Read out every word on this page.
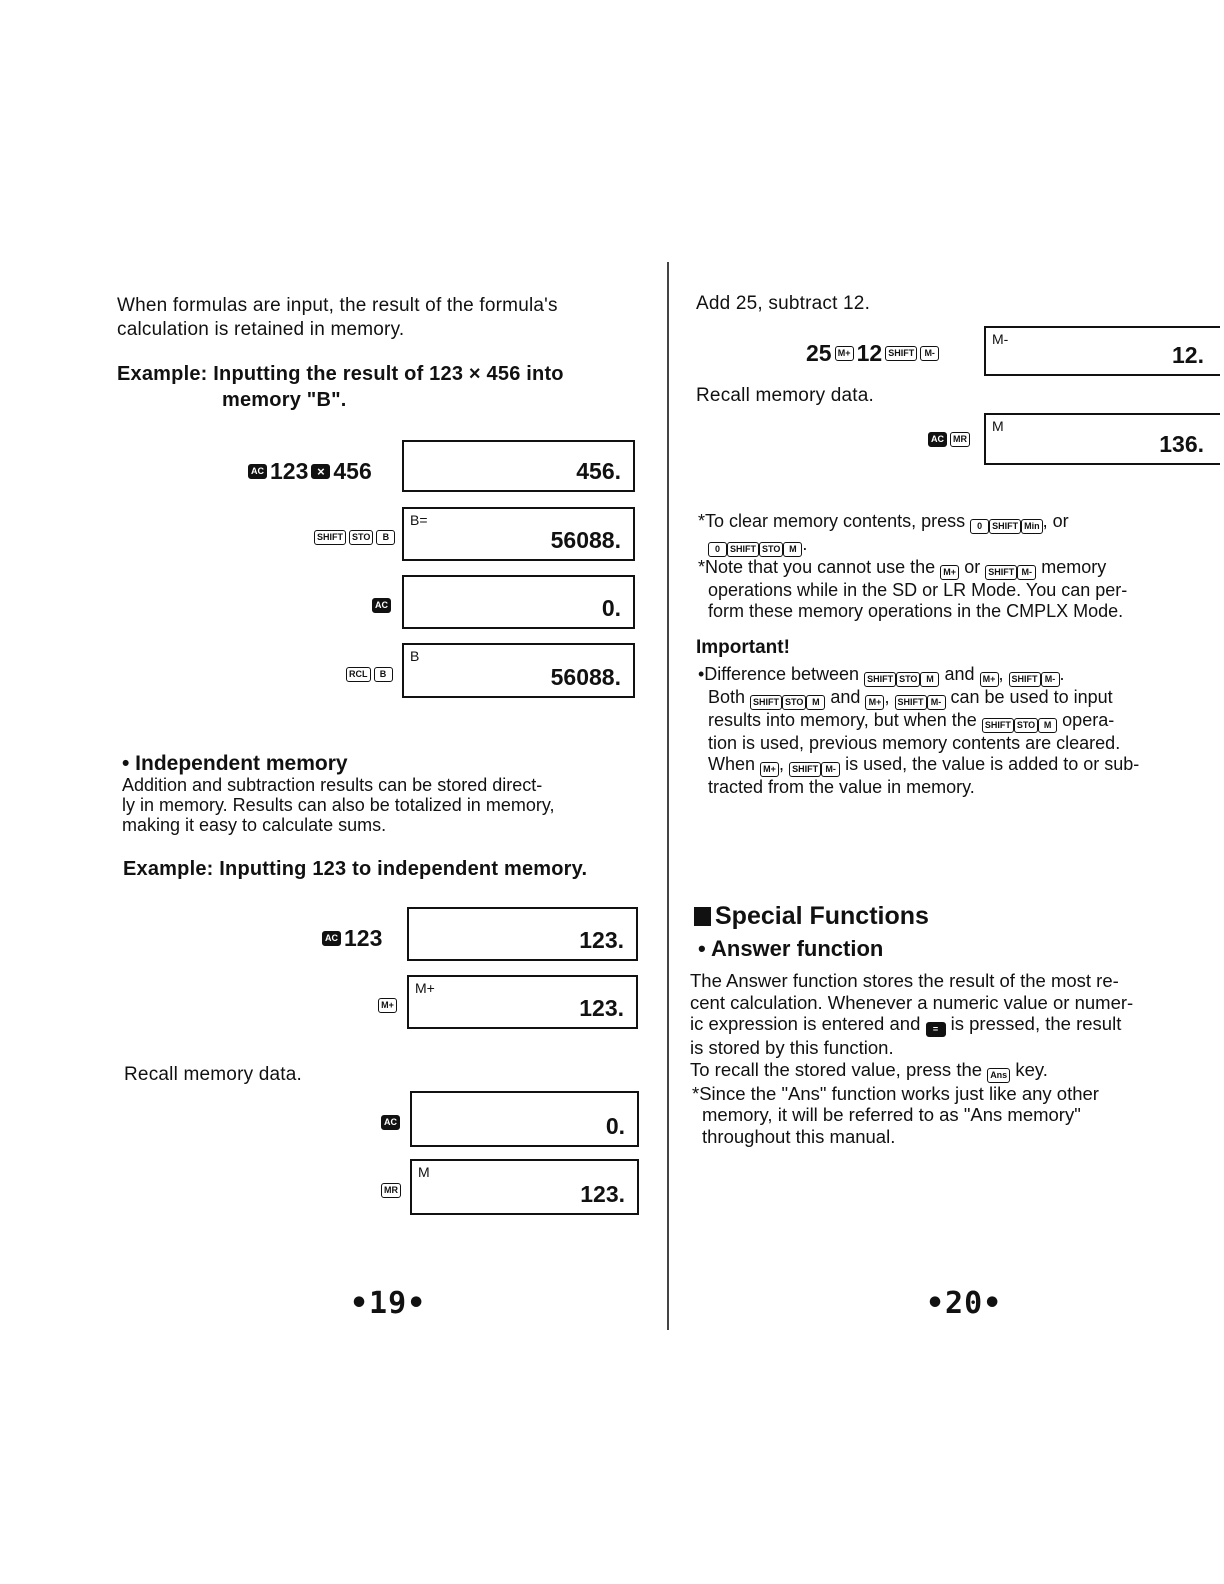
When formulas are input, the result of the formula's
calculation is retained in memory.
Example: Inputting the result of 123 × 456 into
memory "B".
AC 123 × 456	456.
SHIFT	STO	B
B=
56088.
AC	0.
RCL	B
B
56088.
• Independent memory
Addition and subtraction results can be stored direct-
ly in memory. Results can also be totalized in memory,
making it easy to calculate sums.
Example: Inputting 123 to independent memory.
AC 123	123.
M+
M+
123.
Recall memory data.
AC	0.
MR
M
123.
•19•
Add 25, subtract 12.
25 M+ 12 SHIFT	M-
M-
12.
Recall memory data.
AC	MR
M
136.
*To clear memory contents, press 0 SHIFT Min , or
0 SHIFT STO M .
*Note that you cannot use the M+ or SHIFT M- memory
operations while in the SD or LR Mode. You can per-
form these memory operations in the CMPLX Mode.
Important!
•Difference between SHIFT STO M and M+ , SHIFT M- .
Both SHIFT STO M and M+ , SHIFT M- can be used to input
results into memory, but when the SHIFT STO M opera-
tion is used, previous memory contents are cleared.
When M+ , SHIFT M- is used, the value is added to or sub-
tracted from the value in memory.
Special Functions
• Answer function
The Answer function stores the result of the most re-
cent calculation. Whenever a numeric value or numer-
ic expression is entered and = is pressed, the result
is stored by this function.
To recall the stored value, press the Ans key.
*Since the "Ans" function works just like any other
memory, it will be referred to as "Ans memory"
throughout this manual.
•20•
